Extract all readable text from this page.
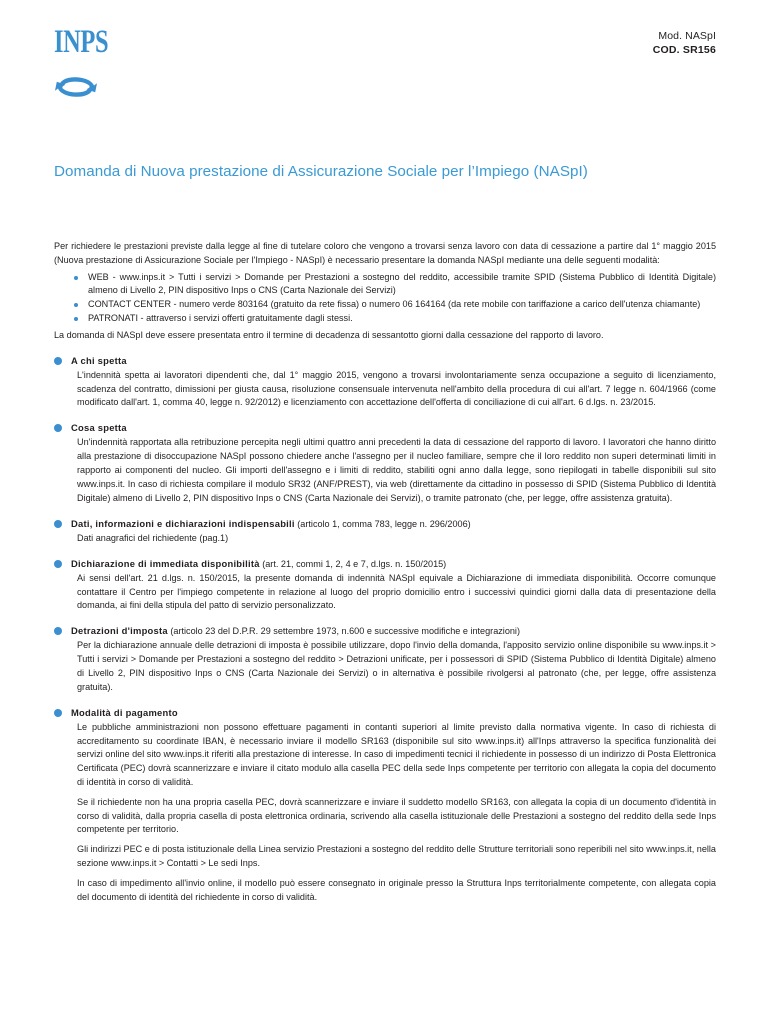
INPS	Mod. NASpI
COD. SR156
Domanda di Nuova prestazione di Assicurazione Sociale per l’Impiego (NASpI)

Per richiedere le prestazioni previste dalla legge al fine di tutelare coloro che vengono a trovarsi senza lavoro con data di cessazione a partire dal 1° maggio 2015 (Nuova prestazione di Assicurazione Sociale per l'Impiego - NASpI) è necessario presentare la domanda NASpI mediante una delle seguenti modalità:

WEB - www.inps.it > Tutti i servizi > Domande per Prestazioni a sostegno del reddito, accessibile tramite SPID (Sistema Pubblico di Identità Digitale) almeno di Livello 2, PIN dispositivo Inps o CNS (Carta Nazionale dei Servizi)
CONTACT CENTER - numero verde 803164 (gratuito da rete fissa) o numero 06 164164 (da rete mobile con tariffazione a carico dell'utenza chiamante)
PATRONATI - attraverso i servizi offerti gratuitamente dagli stessi.

La domanda di NASpI deve essere presentata entro il termine di decadenza di sessantotto giorni dalla cessazione del rapporto di lavoro.

A chi spetta

L'indennità spetta ai lavoratori dipendenti che, dal 1° maggio 2015, vengono a trovarsi involontariamente senza occupazione a seguito di licenziamento, scadenza del contratto, dimissioni per giusta causa, risoluzione consensuale intervenuta nell'ambito della procedura di cui all'art. 7 legge n. 604/1966 (come modificato dall'art. 1, comma 40, legge n. 92/2012) e licenziamento con accettazione dell'offerta di conciliazione di cui all'art. 6 d.lgs. n. 23/2015.

Cosa spetta

Un'indennità rapportata alla retribuzione percepita negli ultimi quattro anni precedenti la data di cessazione del rapporto di lavoro. I lavoratori che hanno diritto alla prestazione di disoccupazione NASpI possono chiedere anche l'assegno per il nucleo familiare, sempre che il loro reddito non superi determinati limiti in rapporto ai componenti del nucleo. Gli importi dell'assegno e i limiti di reddito, stabiliti ogni anno dalla legge, sono riepilogati in tabelle disponibili sul sito www.inps.it. In caso di richiesta compilare il modulo SR32 (ANF/PREST), via web (direttamente da cittadino in possesso di SPID (Sistema Pubblico di Identità Digitale) almeno di Livello 2, PIN dispositivo Inps o CNS (Carta Nazionale dei Servizi), o tramite patronato (che, per legge, offre assistenza gratuita).

Dati, informazioni e dichiarazioni indispensabili (articolo 1, comma 783, legge n. 296/2006)

Dati anagrafici del richiedente (pag.1)

Dichiarazione di immediata disponibilità (art. 21, commi 1, 2, 4 e 7, d.lgs. n. 150/2015)

Ai sensi dell'art. 21 d.lgs. n. 150/2015, la presente domanda di indennità NASpI equivale a Dichiarazione di immediata disponibilità. Occorre comunque contattare il Centro per l'impiego competente in relazione al luogo del proprio domicilio entro i successivi quindici giorni dalla data di presentazione della domanda, ai fini della stipula del patto di servizio personalizzato.

Detrazioni d'imposta (articolo 23 del D.P.R. 29 settembre 1973, n.600 e successive modifiche e integrazioni)

Per la dichiarazione annuale delle detrazioni di imposta è possibile utilizzare, dopo l'invio della domanda, l'apposito servizio online disponibile su www.inps.it > Tutti i servizi > Domande per Prestazioni a sostegno del reddito > Detrazioni unificate, per i possessori di SPID (Sistema Pubblico di Identità Digitale) almeno di Livello 2, PIN dispositivo Inps o CNS (Carta Nazionale dei Servizi) o in alternativa è possibile rivolgersi al patronato (che, per legge, offre assistenza gratuita).

Modalità di pagamento

Le pubbliche amministrazioni non possono effettuare pagamenti in contanti superiori al limite previsto dalla normativa vigente. In caso di richiesta di accreditamento su coordinate IBAN, è necessario inviare il modello SR163 (disponibile sul sito www.inps.it) all'Inps attraverso la specifica funzionalità dei servizi online del sito www.inps.it riferiti alla prestazione di interesse. In caso di impedimenti tecnici il richiedente in possesso di un indirizzo di Posta Elettronica Certificata (PEC) dovrà scannerizzare e inviare il citato modulo alla casella PEC della sede Inps competente per territorio con allegata la copia del documento di identità in corso di validità.

Se il richiedente non ha una propria casella PEC, dovrà scannerizzare e inviare il suddetto modello SR163, con allegata la copia di un documento d'identità in corso di validità, dalla propria casella di posta elettronica ordinaria, scrivendo alla casella istituzionale delle Prestazioni a sostegno del reddito della sede Inps competente per territorio.

Gli indirizzi PEC e di posta istituzionale della Linea servizio Prestazioni a sostegno del reddito delle Strutture territoriali sono reperibili nel sito www.inps.it, nella sezione www.inps.it > Contatti > Le sedi Inps.

In caso di impedimento all'invio online, il modello può essere consegnato in originale presso la Struttura Inps territorialmente competente, con allegata copia del documento di identità del richiedente in corso di validità.
